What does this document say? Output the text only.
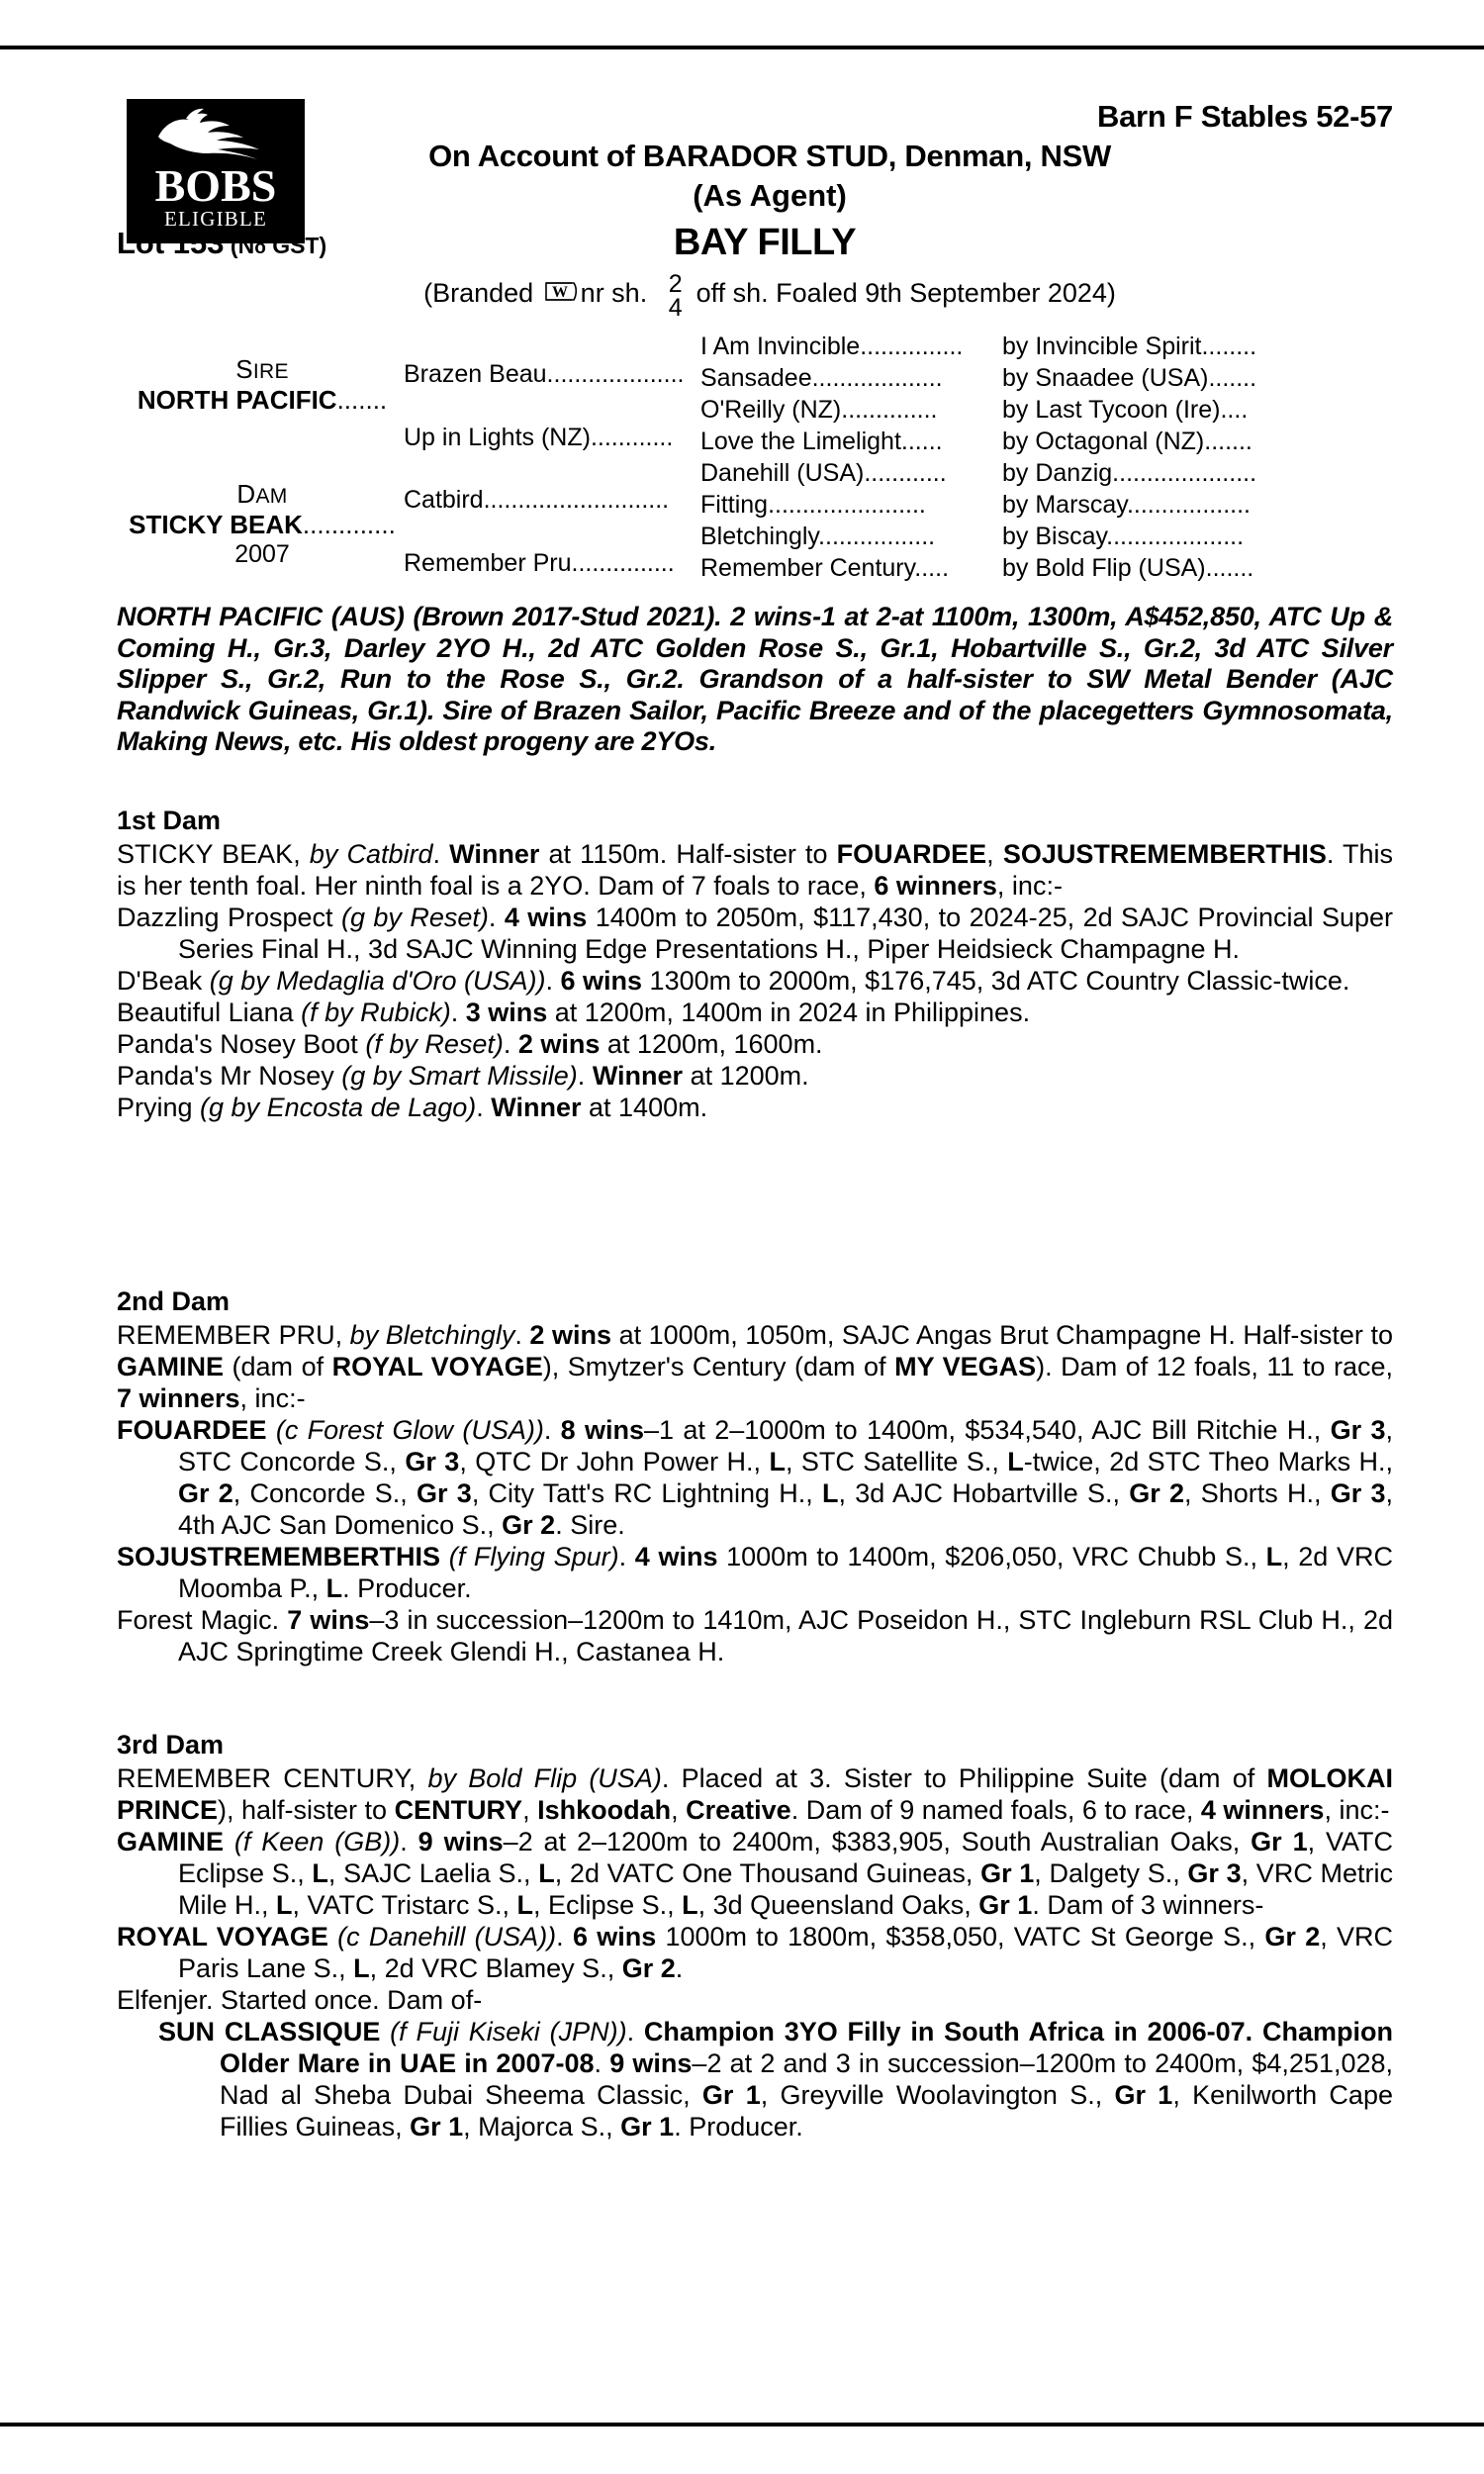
BOBS
ELIGIBLE
Barn F Stables 52-57
On Account of BARADOR STUD, Denman, NSW
(As Agent)
Lot 153 (No GST)	BAY FILLY
(Branded W nr sh. 2
4 off sh. Foaled 9th September 2024)
SIRE
NORTH PACIFIC.......
DAM
STICKY BEAK.............
2007
Brazen Beau....................
Up in Lights (NZ)............
Catbird...........................
Remember Pru...............
I Am Invincible...............
Sansadee...................
O'Reilly (NZ)..............
Love the Limelight......
Danehill (USA)............
Fitting.......................
Bletchingly.................
Remember Century.....
by Invincible Spirit........
by Snaadee (USA).......
by Last Tycoon (Ire)....
by Octagonal (NZ).......
by Danzig.....................
by Marscay..................
by Biscay....................
by Bold Flip (USA).......
NORTH PACIFIC (AUS) (Brown 2017-Stud 2021). 2 wins-1 at 2-at 1100m, 1300m, A$452,850, ATC Up & Coming H., Gr.3, Darley 2YO H., 2d ATC Golden Rose S., Gr.1, Hobartville S., Gr.2, 3d ATC Silver Slipper S., Gr.2, Run to the Rose S., Gr.2. Grandson of a half-sister to SW Metal Bender (AJC Randwick Guineas, Gr.1). Sire of Brazen Sailor, Pacific Breeze and of the placegetters Gymnosomata, Making News, etc. His oldest progeny are 2YOs.
1st Dam

STICKY BEAK, by Catbird. Winner at 1150m. Half-sister to FOUARDEE, SOJUSTREMEMBERTHIS. This is her tenth foal. Her ninth foal is a 2YO. Dam of 7 foals to race, 6 winners, inc:-

Dazzling Prospect (g by Reset). 4 wins 1400m to 2050m, $117,430, to 2024-25, 2d SAJC Provincial Super Series Final H., 3d SAJC Winning Edge Presentations H., Piper Heidsieck Champagne H.

D'Beak (g by Medaglia d'Oro (USA)). 6 wins 1300m to 2000m, $176,745, 3d ATC Country Classic-twice.

Beautiful Liana (f by Rubick). 3 wins at 1200m, 1400m in 2024 in Philippines.

Panda's Nosey Boot (f by Reset). 2 wins at 1200m, 1600m.

Panda's Mr Nosey (g by Smart Missile). Winner at 1200m.

Prying (g by Encosta de Lago). Winner at 1400m.

2nd Dam

REMEMBER PRU, by Bletchingly. 2 wins at 1000m, 1050m, SAJC Angas Brut Champagne H. Half-sister to GAMINE (dam of ROYAL VOYAGE), Smytzer's Century (dam of MY VEGAS). Dam of 12 foals, 11 to race, 7 winners, inc:-

FOUARDEE (c Forest Glow (USA)). 8 wins–1 at 2–1000m to 1400m, $534,540, AJC Bill Ritchie H., Gr 3, STC Concorde S., Gr 3, QTC Dr John Power H., L, STC Satellite S., L-twice, 2d STC Theo Marks H., Gr 2, Concorde S., Gr 3, City Tatt's RC Lightning H., L, 3d AJC Hobartville S., Gr 2, Shorts H., Gr 3, 4th AJC San Domenico S., Gr 2. Sire.

SOJUSTREMEMBERTHIS (f Flying Spur). 4 wins 1000m to 1400m, $206,050, VRC Chubb S., L, 2d VRC Moomba P., L. Producer.

Forest Magic. 7 wins–3 in succession–1200m to 1410m, AJC Poseidon H., STC Ingleburn RSL Club H., 2d AJC Springtime Creek Glendi H., Castanea H.

3rd Dam

REMEMBER CENTURY, by Bold Flip (USA). Placed at 3. Sister to Philippine Suite (dam of MOLOKAI PRINCE), half-sister to CENTURY, Ishkoodah, Creative. Dam of 9 named foals, 6 to race, 4 winners, inc:-

GAMINE (f Keen (GB)). 9 wins–2 at 2–1200m to 2400m, $383,905, South Australian Oaks, Gr 1, VATC Eclipse S., L, SAJC Laelia S., L, 2d VATC One Thousand Guineas, Gr 1, Dalgety S., Gr 3, VRC Metric Mile H., L, VATC Tristarc S., L, Eclipse S., L, 3d Queensland Oaks, Gr 1. Dam of 3 winners-

ROYAL VOYAGE (c Danehill (USA)). 6 wins 1000m to 1800m, $358,050, VATC St George S., Gr 2, VRC Paris Lane S., L, 2d VRC Blamey S., Gr 2.

Elfenjer. Started once. Dam of-

SUN CLASSIQUE (f Fuji Kiseki (JPN)). Champion 3YO Filly in South Africa in 2006-07. Champion Older Mare in UAE in 2007-08. 9 wins–2 at 2 and 3 in succession–1200m to 2400m, $4,251,028, Nad al Sheba Dubai Sheema Classic, Gr 1, Greyville Woolavington S., Gr 1, Kenilworth Cape Fillies Guineas, Gr 1, Majorca S., Gr 1. Producer.
